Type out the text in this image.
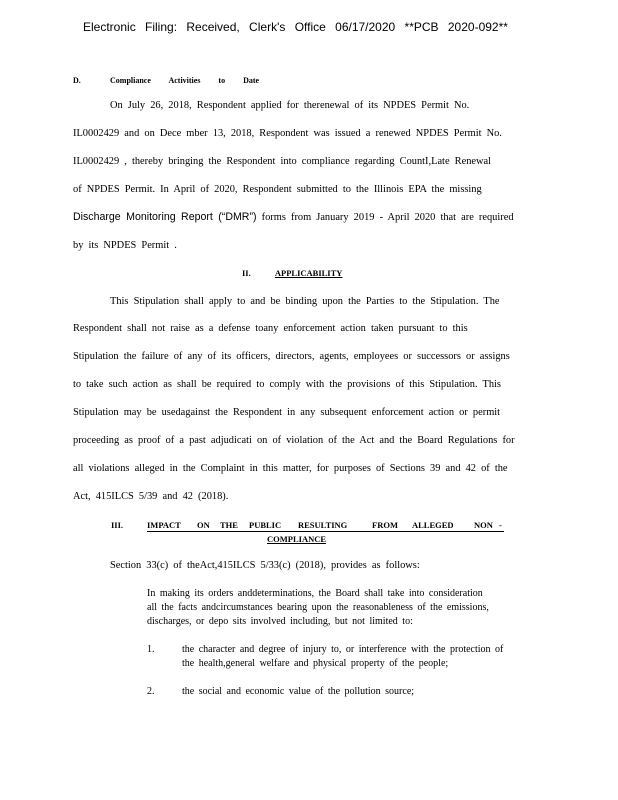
Electronic Filing: Received, Clerk's Office 06/17/2020 **PCB 2020-092**
D.	Compliance Activities to Date
On July 26, 2018, Respondent applied for therenewal of its NPDES Permit No.
IL0002429 and on Dece mber 13, 2018, Respondent was issued a renewed NPDES Permit No.
IL0002429 , thereby bringing the Respondent into compliance regarding CountI,Late Renewal
of NPDES Permit. In April of 2020, Respondent submitted to the Illinois EPA the missing
Discharge Monitoring Report (“DMR”) forms from January 2019 - April 2020 that are required
by its NPDES Permit .
II.	APPLICABILITY
This Stipulation shall apply to and be binding upon the Parties to the Stipulation. The
Respondent shall not raise as a defense toany enforcement action taken pursuant to this
Stipulation the failure of any of its officers, directors, agents, employees or successors or assigns
to take such action as shall be required to comply with the provisions of this Stipulation. This
Stipulation may be usedagainst the Respondent in any subsequent enforcement action or permit
proceeding as proof of a past adjudicati on of violation of the Act and the Board Regulations for
all violations alleged in the Complaint in this matter, for purposes of Sections 39 and 42 of the
Act, 415ILCS 5/39 and 42 (2018).
III.	IMPACT ON THE PUBLIC RESULTING	FROM ALLEGED NON -
COMPLIANCE
Section 33(c) of theAct,415ILCS 5/33(c) (2018), provides as follows:
In making its orders anddeterminations, the Board shall take into consideration
all the facts andcircumstances bearing upon the reasonableness of the emissions,
discharges, or depo sits involved including, but not limited to:
1.	the character and degree of injury to, or interference with the protection of
the health,general welfare and physical property of the people;
2.	the social and economic value of the pollution source;
